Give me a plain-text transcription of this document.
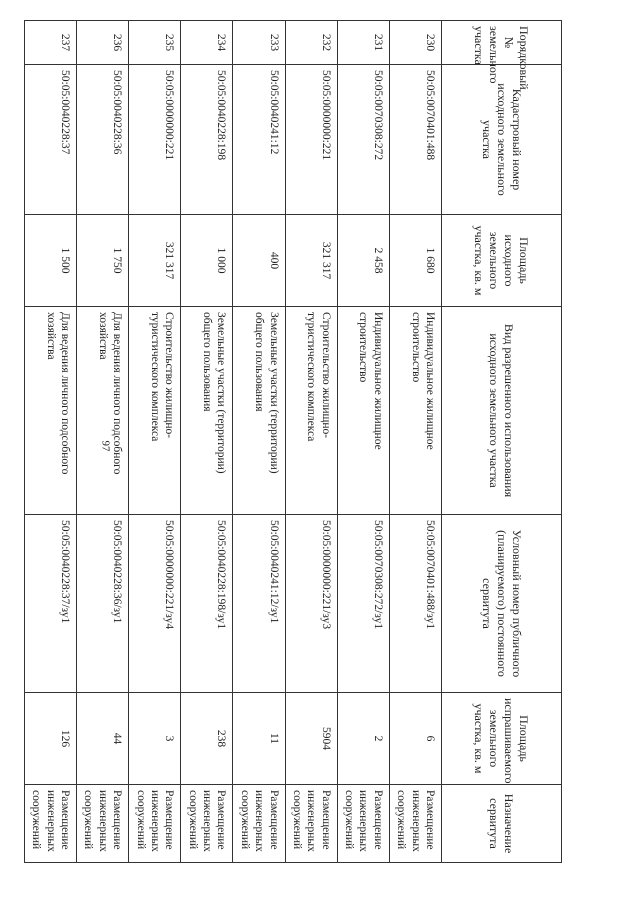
97
Порядковый № земельного участка	Кадастровый номер исходного земельного участка	Площадь исходного земельного участка, кв. м	Вид разрешенного использования исходного земельного участка	Условный номер публичного (планируемого) постоянного сервитута	Площадь испрашиваемого земельного участка, кв. м	Назначение сервитута
230	50:05:0070401:488	1 680	Индивидуальное жилищное строительство	50:05:0070401:488/зу1	6	Размещение инженерных сооружений
231	50:05:0070308:272	2 458	Индивидуальное жилищное строительство	50:05:0070308:272/зу1	2	Размещение инженерных сооружений
232	50:05:0000000:221	321 317	Строительство жилищно-туристического комплекса	50:05:0000000:221/зу3	5904	Размещение инженерных сооружений
233	50:05:0040241:12	400	Земельные участки (территории) общего пользования	50:05:0040241:12/зу1	11	Размещение инженерных сооружений
234	50:05:0040228:198	1 000	Земельные участки (территории) общего пользования	50:05:0040228:198/зу1	238	Размещение инженерных сооружений
235	50:05:0000000:221	321 317	Строительство жилищно-туристического комплекса	50:05:0000000:221/зу4	3	Размещение инженерных сооружений
236	50:05:0040228:36	1 750	Для ведения личного подсобного хозяйства	50:05:0040228:36/зу1	44	Размещение инженерных сооружений
237	50:05:0040228:37	1 500	Для ведения личного подсобного хозяйства	50:05:0040228:37/зу1	126	Размещение инженерных сооружений
